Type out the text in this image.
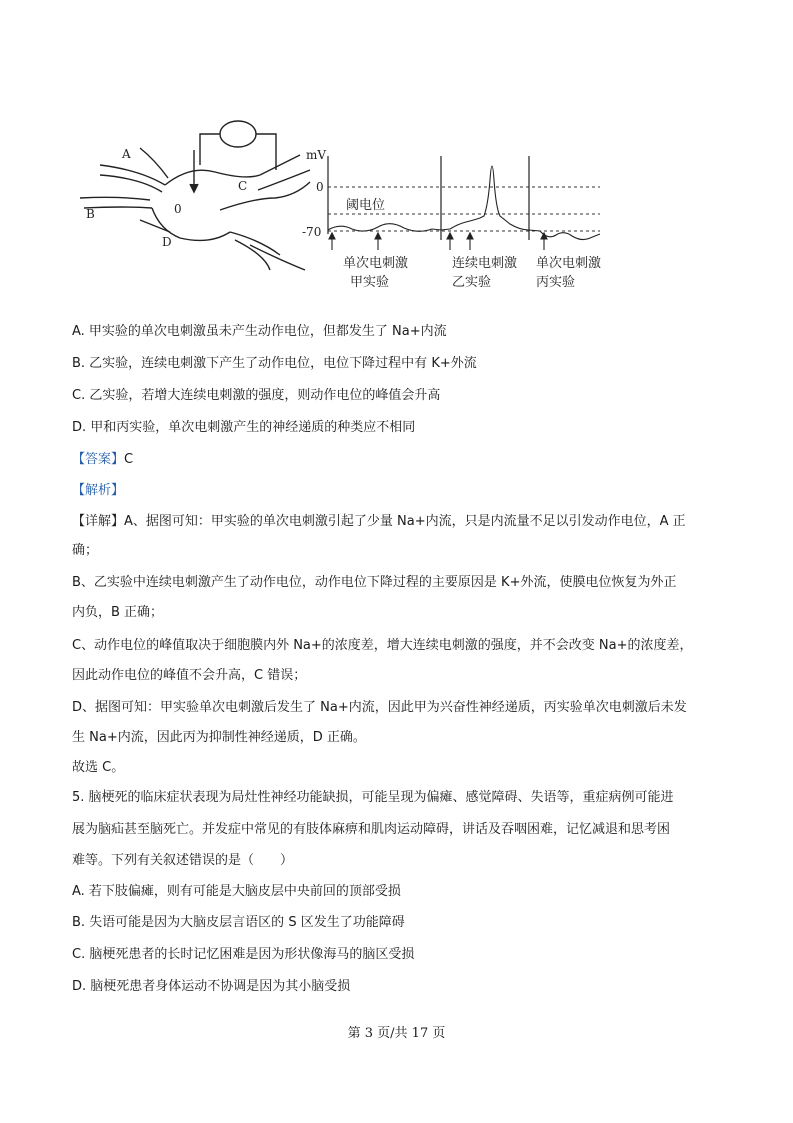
A
B
C
D
0
mV
0
-70
阈电位
单次电刺激
甲实验
连续电刺激
乙实验
单次电刺激
丙实验
A. 甲实验的单次电刺激虽未产生动作电位，但都发生了 Na+内流
B. 乙实验，连续电刺激下产生了动作电位，电位下降过程中有 K+外流
C. 乙实验，若增大连续电刺激的强度，则动作电位的峰值会升高
D. 甲和丙实验，单次电刺激产生的神经递质的种类应不相同
【答案】C
【解析】
【详解】A、据图可知：甲实验的单次电刺激引起了少量 Na+内流，只是内流量不足以引发动作电位，A 正
确；
B、乙实验中连续电刺激产生了动作电位，动作电位下降过程的主要原因是 K+外流，使膜电位恢复为外正
内负，B 正确；
C、动作电位的峰值取决于细胞膜内外 Na+的浓度差，增大连续电刺激的强度，并不会改变 Na+的浓度差，
因此动作电位的峰值不会升高，C 错误；
D、据图可知：甲实验单次电刺激后发生了 Na+内流，因此甲为兴奋性神经递质，丙实验单次电刺激后未发
生 Na+内流，因此丙为抑制性神经递质，D 正确。
故选 C。
5. 脑梗死的临床症状表现为局灶性神经功能缺损，可能呈现为偏瘫、感觉障碍、失语等，重症病例可能进
展为脑疝甚至脑死亡。并发症中常见的有肢体麻痹和肌肉运动障碍，讲话及吞咽困难，记忆减退和思考困
难等。下列有关叙述错误的是（　　）
A. 若下肢偏瘫，则有可能是大脑皮层中央前回的顶部受损
B. 失语可能是因为大脑皮层言语区的 S 区发生了功能障碍
C. 脑梗死患者的长时记忆困难是因为形状像海马的脑区受损
D. 脑梗死患者身体运动不协调是因为其小脑受损
第 3 页/共 17 页
